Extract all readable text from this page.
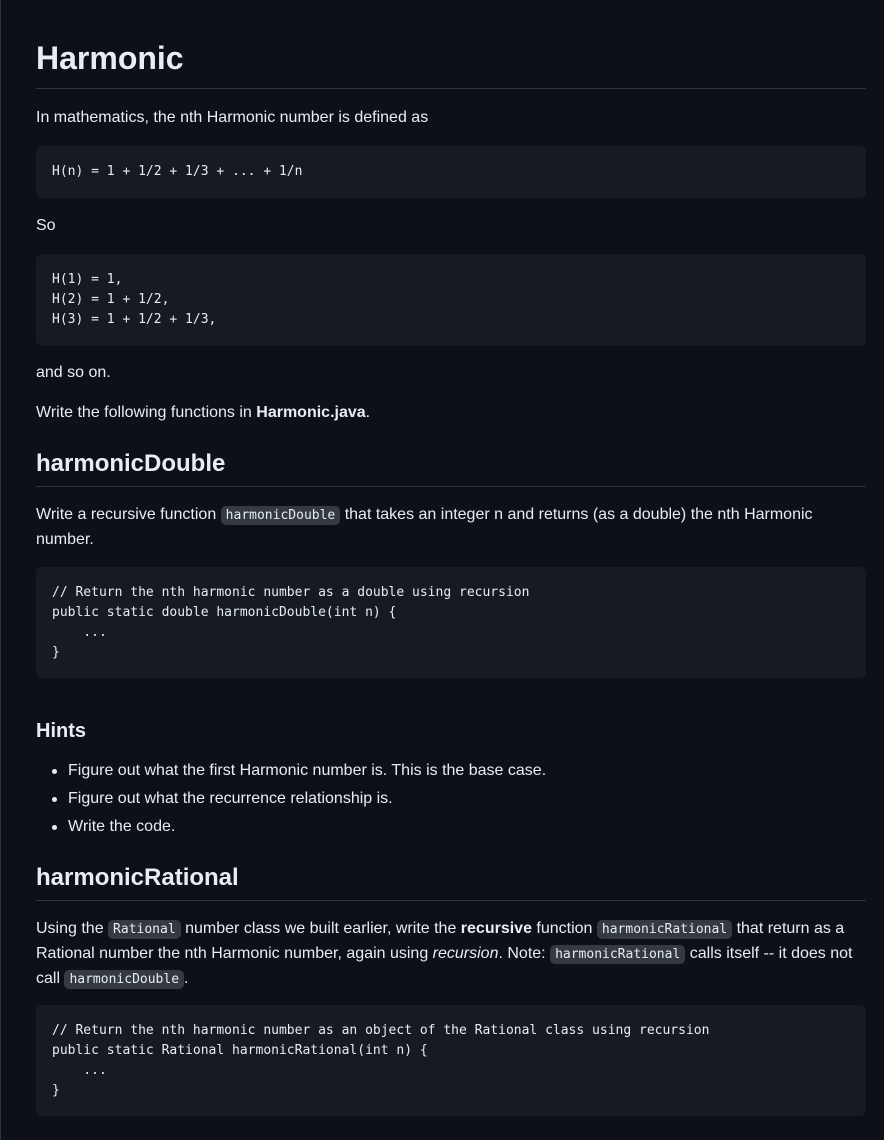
Harmonic

In mathematics, the nth Harmonic number is defined as

H(n) = 1 + 1/2 + 1/3 + ... + 1/n

So

H(1) = 1,
H(2) = 1 + 1/2,
H(3) = 1 + 1/2 + 1/3,

and so on.

Write the following functions in Harmonic.java.

harmonicDouble

Write a recursive function harmonicDouble that takes an integer n and returns (as a double) the nth Harmonic number.

// Return the nth harmonic number as a double using recursion
public static double harmonicDouble(int n) {
...
}
Hints
Figure out what the first Harmonic number is. This is the base case.
Figure out what the recurrence relationship is.
Write the code.
harmonicRational

Using the Rational number class we built earlier, write the recursive function harmonicRational that return as a Rational number the nth Harmonic number, again using recursion. Note: harmonicRational calls itself -- it does not call harmonicDouble .

// Return the nth harmonic number as an object of the Rational class using recursion
public static Rational harmonicRational(int n) {
...
}
